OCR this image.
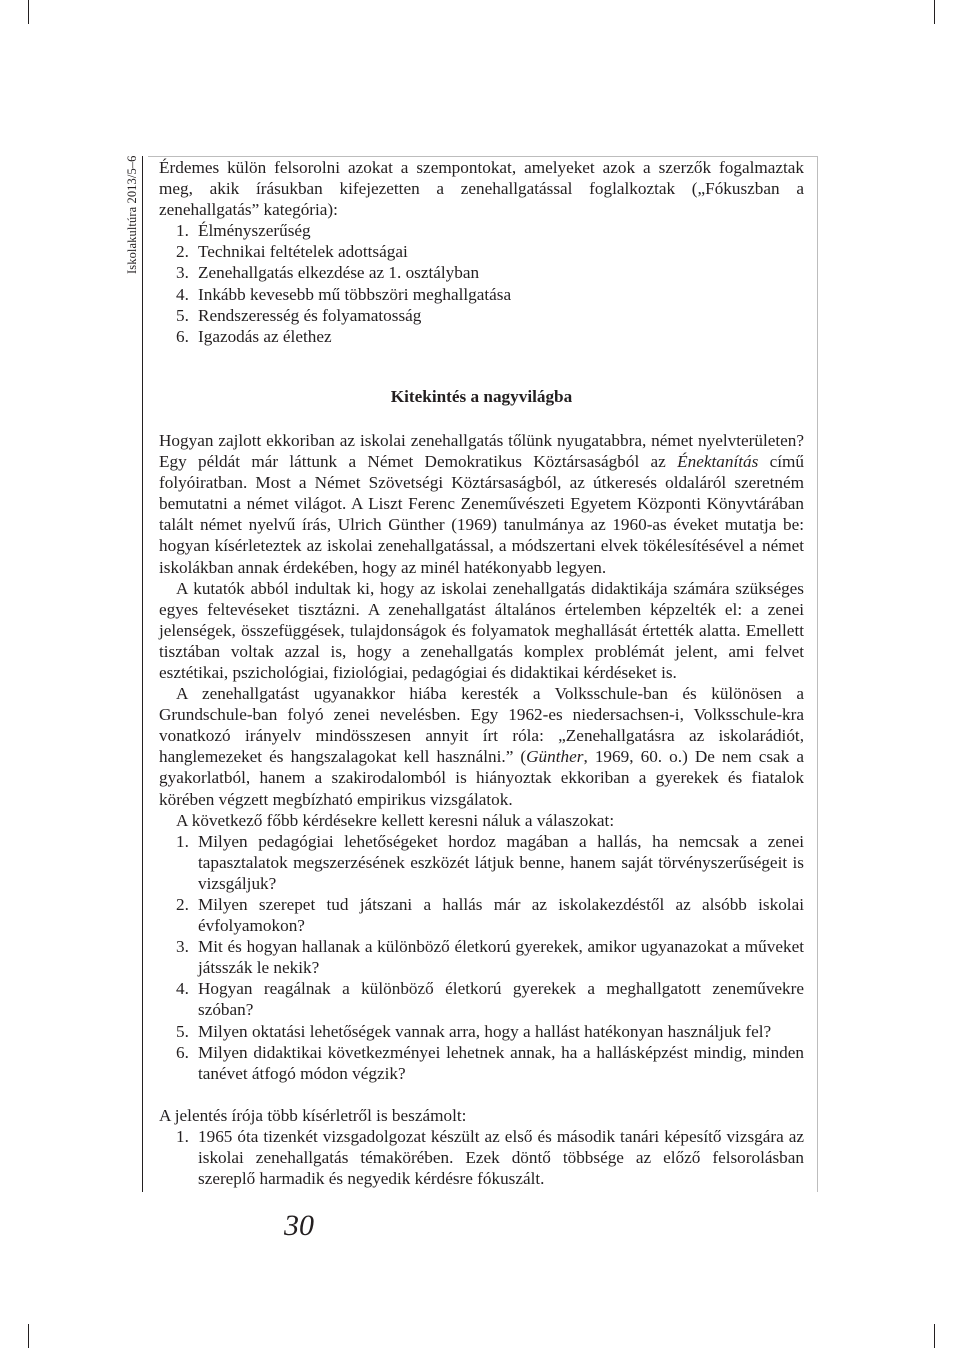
Iskolakultúra 2013/5–6 Érdemes külön felsorolni azokat a szempontokat, amelyeket azok a szerzők fogalmaztak meg, akik írásukban kifejezetten a zenehallgatással foglalkoztak („Fókuszban a zenehallgatás” kategória):

1. Élményszerűség
2. Technikai feltételek adottságai
3. Zenehallgatás elkezdése az 1. osztályban
4. Inkább kevesebb mű többszöri meghallgatása
5. Rendszeresség és folyamatosság
6. Igazodás az élethez

Kitekintés a nagyvilágba

Hogyan zajlott ekkoriban az iskolai zenehallgatás tőlünk nyugatabbra, német nyelvterületen? Egy példát már láttunk a Német Demokratikus Köztársaságból az Énektanítás című folyóiratban. Most a Német Szövetségi Köztársaságból, az útkeresés oldaláról szeretném bemutatni a német világot. A Liszt Ferenc Zeneművészeti Egyetem Központi Könyvtárában talált német nyelvű írás, Ulrich Günther (1969) tanulmánya az 1960-as éveket mutatja be: hogyan kísérleteztek az iskolai zenehallgatással, a módszertani elvek tökélesítésével a német iskolákban annak érdekében, hogy az minél hatékonyabb legyen.

A kutatók abból indultak ki, hogy az iskolai zenehallgatás didaktikája számára szükséges egyes feltevéseket tisztázni. A zenehallgatást általános értelemben képzelték el: a zenei jelenségek, összefüggések, tulajdonságok és folyamatok meghallását értették alatta. Emellett tisztában voltak azzal is, hogy a zenehallgatás komplex problémát jelent, ami felvet esztétikai, pszichológiai, fiziológiai, pedagógiai és didaktikai kérdéseket is.

A zenehallgatást ugyanakkor hiába keresték a Volksschule-ban és különösen a Grundschule-ban folyó zenei nevelésben. Egy 1962-es niedersachsen-i, Volksschule-kra vonatkozó irányelv mindösszesen annyit írt róla: „Zenehallgatásra az iskolarádiót, hanglemezeket és hangszalagokat kell használni.” (Günther, 1969, 60. o.) De nem csak a gyakorlatból, hanem a szakirodalomból is hiányoztak ekkoriban a gyerekek és fiatalok körében végzett megbízható empirikus vizsgálatok.

A következő főbb kérdésekre kellett keresni náluk a válaszokat:

1. Milyen pedagógiai lehetőségeket hordoz magában a hallás, ha nemcsak a zenei tapasztalatok megszerzésének eszközét látjuk benne, hanem saját törvényszerűségeit is vizsgáljuk?
2. Milyen szerepet tud játszani a hallás már az iskolakezdéstől az alsóbb iskolai évfolyamokon?
3. Mit és hogyan hallanak a különböző életkorú gyerekek, amikor ugyanazokat a műveket játsszák le nekik?
4. Hogyan reagálnak a különböző életkorú gyerekek a meghallgatott zeneművekre szóban?
5. Milyen oktatási lehetőségek vannak arra, hogy a hallást hatékonyan használjuk fel?
6. Milyen didaktikai következményei lehetnek annak, ha a hallásképzést mindig, minden tanévet átfogó módon végzik?

A jelentés írója több kísérletről is beszámolt:

1. 1965 óta tizenkét vizsgadolgozat készült az első és második tanári képesítő vizsgára az iskolai zenehallgatás témakörében. Ezek döntő többsége az előző felsorolásban szereplő harmadik és negyedik kérdésre fókuszált.
30
